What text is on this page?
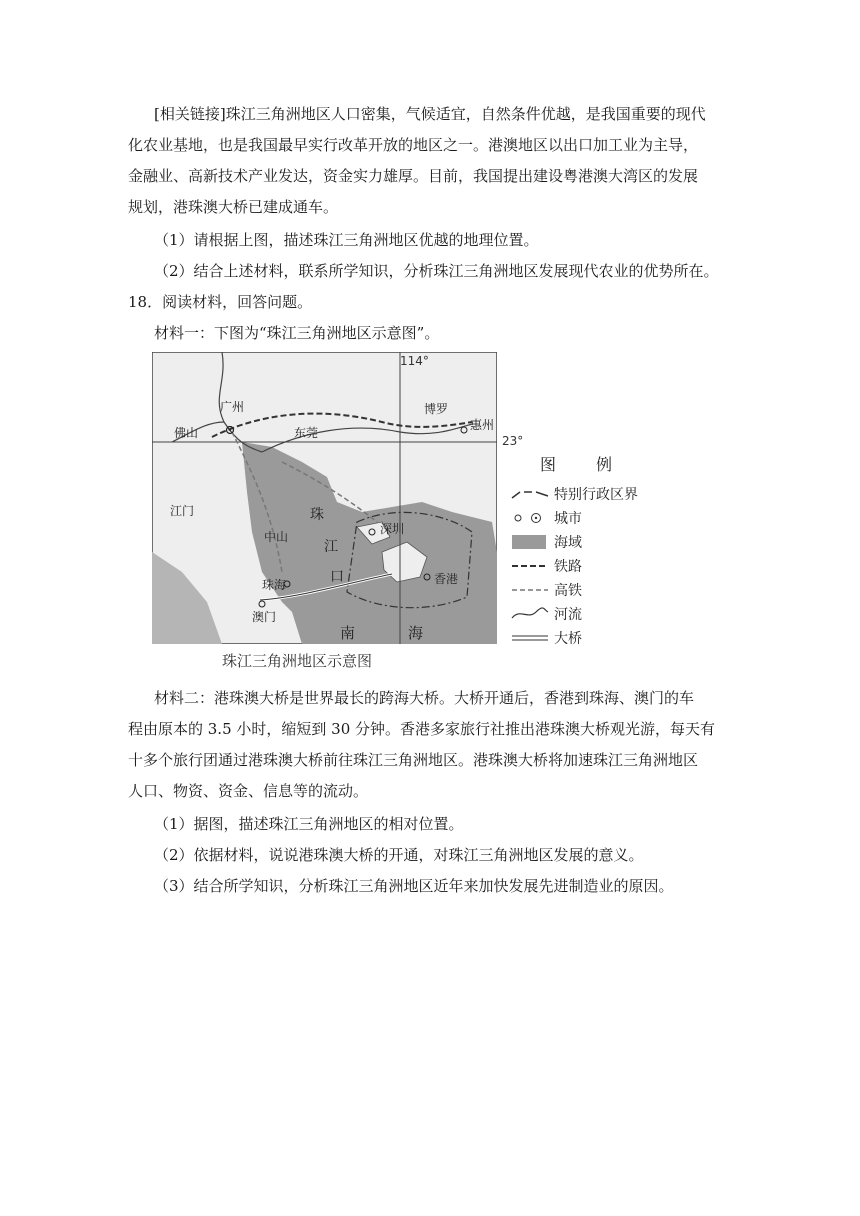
[相关链接]珠江三角洲地区人口密集，气候适宜，自然条件优越，是我国重要的现代

化农业基地，也是我国最早实行改革开放的地区之一。港澳地区以出口加工业为主导，

金融业、高新技术产业发达，资金实力雄厚。目前，我国提出建设粤港澳大湾区的发展

规划，港珠澳大桥已建成通车。

（1）请根据上图，描述珠江三角洲地区优越的地理位置。

（2）结合上述材料，联系所学知识，分析珠江三角洲地区发展现代农业的优势所在。

18．阅读材料，回答问题。

材料一：下图为“珠江三角洲地区示意图”。

114°
23°
广州
佛山	东莞
博罗
惠州
江门
中山
珠海
澳门
深圳
香港
珠
江
口
南	海
珠江三角洲地区示意图
图例
特别行政区界
城市
海域
铁路
高铁
河流
大桥

材料二：港珠澳大桥是世界最长的跨海大桥。大桥开通后，香港到珠海、澳门的车

程由原本的 3.5 小时，缩短到 30 分钟。香港多家旅行社推出港珠澳大桥观光游，每天有

十多个旅行团通过港珠澳大桥前往珠江三角洲地区。港珠澳大桥将加速珠江三角洲地区

人口、物资、资金、信息等的流动。

（1）据图，描述珠江三角洲地区的相对位置。

（2）依据材料，说说港珠澳大桥的开通，对珠江三角洲地区发展的意义。

（3）结合所学知识，分析珠江三角洲地区近年来加快发展先进制造业的原因。
